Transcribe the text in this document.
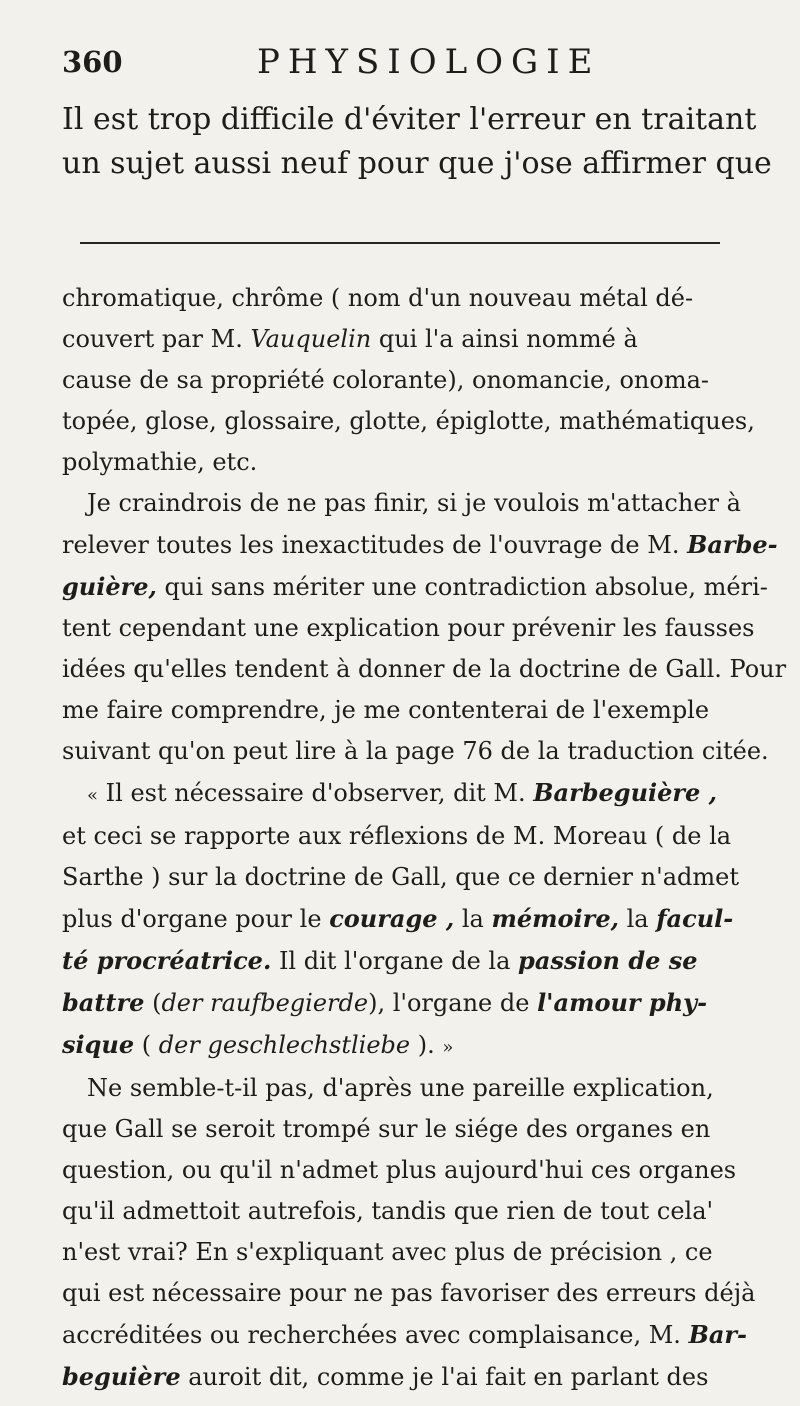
360	PHYSIOLOGIE
Il est trop difficile d'éviter l'erreur en traitant
un sujet aussi neuf pour que j'ose affirmer que
chromatique, chrôme ( nom d'un nouveau métal dé-
couvert par M. Vauquelin qui l'a ainsi nommé à
cause de sa propriété colorante), onomancie, onoma-
topée, glose, glossaire, glotte, épiglotte, mathématiques,
polymathie, etc.
Je craindrois de ne pas finir, si je voulois m'attacher à
relever toutes les inexactitudes de l'ouvrage de M. Barbe-
guière, qui sans mériter une contradiction absolue, méri-
tent cependant une explication pour prévenir les fausses
idées qu'elles tendent à donner de la doctrine de Gall. Pour
me faire comprendre, je me contenterai de l'exemple
suivant qu'on peut lire à la page 76 de la traduction citée.
« Il est nécessaire d'observer, dit M. Barbeguière ,
et ceci se rapporte aux réflexions de M. Moreau ( de la
Sarthe ) sur la doctrine de Gall, que ce dernier n'admet
plus d'organe pour le courage , la mémoire, la facul-
té procréatrice. Il dit l'organe de la passion de se
battre (der raufbegierde), l'organe de l'amour phy-
sique ( der geschlechstliebe ). »
Ne semble-t-il pas, d'après une pareille explication,
que Gall se seroit trompé sur le siége des organes en
question, ou qu'il n'admet plus aujourd'hui ces organes
qu'il admettoit autrefois, tandis que rien de tout cela'
n'est vrai? En s'expliquant avec plus de précision , ce
qui est nécessaire pour ne pas favoriser des erreurs déjà
accréditées ou recherchées avec complaisance, M. Bar-
beguière auroit dit, comme je l'ai fait en parlant des
